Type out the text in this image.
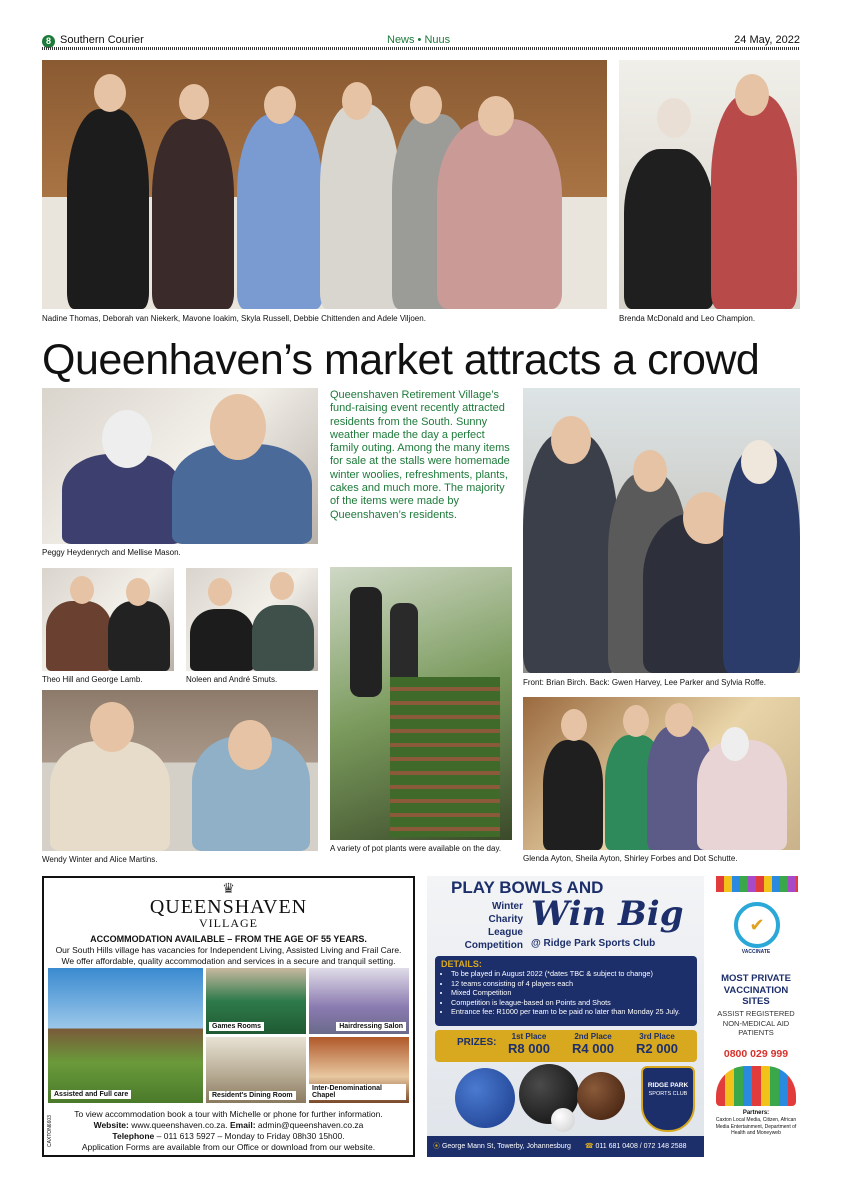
8 Southern Courier	News • Nuus	24 May, 2022
Nadine Thomas, Deborah van Niekerk, Mavone Ioakim, Skyla Russell, Debbie Chittenden and Adele Viljoen.	Brenda McDonald and Leo Champion.
Queenhaven’s market attracts a crowd
Peggy Heydenrych and Mellise Mason.
Theo Hill and George Lamb.	Noleen and André Smuts.
Wendy Winter and Alice Martins.
Queenshaven Retirement Village’s fund-raising event recently attracted residents from the South. Sunny weather made the day a perfect family outing. Among the many items for sale at the stalls were homemade winter woolies, refreshments, plants, cakes and much more. The majority of the items were made by Queenshaven’s residents.
A variety of pot plants were available on the day.
Front: Brian Birch. Back: Gwen Harvey, Lee Parker and Sylvia Roffe.
Glenda Ayton, Sheila Ayton, Shirley Forbes and Dot Schutte.
♛
QUEENSHAVEN
VILLAGE
ACCOMMODATION AVAILABLE – FROM THE AGE OF 55 YEARS.
Our South Hills village has vacancies for Independent Living, Assisted Living and Frail Care. We offer affordable, quality accommodation and services in a secure and tranquil setting.
Assisted and Full care
Games Rooms	Hairdressing Salon
Resident's Dining Room
Inter-Denominational Chapel
To view accommodation book a tour with Michelle or phone for further information.
Website: www.queenshaven.co.za. Email: admin@queenshaven.co.za
Telephone – 011 613 5927 – Monday to Friday 08h30 15h00.
Application Forms are available from our Office or download from our website.
CAXTON6603
PLAY BOWLS AND
Winter
Charity
League
Competition
Win Big
@ Ridge Park Sports Club
DETAILS:
• To be played in August 2022 (*dates TBC & subject to change)
• 12 teams consisting of 4 players each
• Mixed Competition
• Competition is league-based on Points and Shots
• Entrance fee: R1000 per team to be paid no later than Monday 25 July.
PRIZES:
1st Place
R8 000
2nd Place
R4 000
3rd Place
R2 000
RIDGE PARK
SPORTS CLUB
⦿ George Mann St, Towerby, Johannesburg ☎ 011 681 0408 / 072 148 2588
✔
VACCINATE
MOST PRIVATE VACCINATION SITES
ASSIST REGISTERED NON-MEDICAL AID PATIENTS
0800 029 999
Partners:
Caxton Local Media, Citizen, African Media Entertainment, Department of Health and Moneyweb
